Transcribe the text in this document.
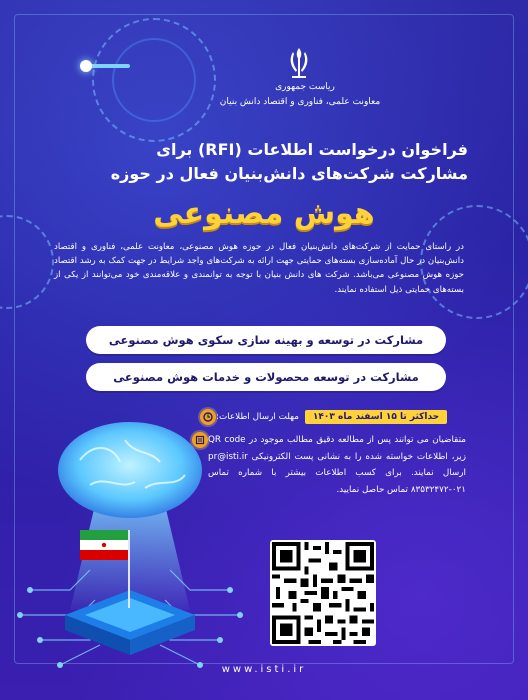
ریاست جمهوری
معاونت علمی، فناوری و اقتصاد دانش بنیان
فراخوان درخواست اطلاعات (RFI) برای
مشارکت شرکت‌های دانش‌بنیان فعال در حوزه
هوش مصنوعی
در راستای حمایت از شرکت‌های دانش‌بنیان فعال در حوزه هوش مصنوعی، معاونت علمی، فناوری و اقتصاد دانش‌بنیان در حال آماده‌سازی بسته‌های حمایتی جهت ارائه به شرکت‌های واجد شرایط در جهت کمک به رشد اقتصاد حوزه هوش مصنوعی می‌باشد. شرکت های دانش بنیان با توجه به توانمندی و علاقه‌مندی خود می‌توانند از یکی از بسته‌های حمایتی ذیل استفاده نمایند.
مشارکت در توسعه و بهینه سازی سکوی هوش مصنوعی
مشارکت در توسعه محصولات و خدمات هوش مصنوعی
مهلت ارسال اطلاعات:	حداکثر تا ۱۵ اسفند ماه ۱۴۰۳
متقاضیان می توانند پس از مطالعه دقیق مطالب موجود در QR code زیر، اطلاعات خواسته شده را به نشانی پست الکترونیکی pr@isti.ir ارسال نمایند. برای کسب اطلاعات بیشتر با شماره تماس ۰۲۱-۸۳۵۳۲۴۷۲ تماس حاصل نمایید.
www.isti.ir
